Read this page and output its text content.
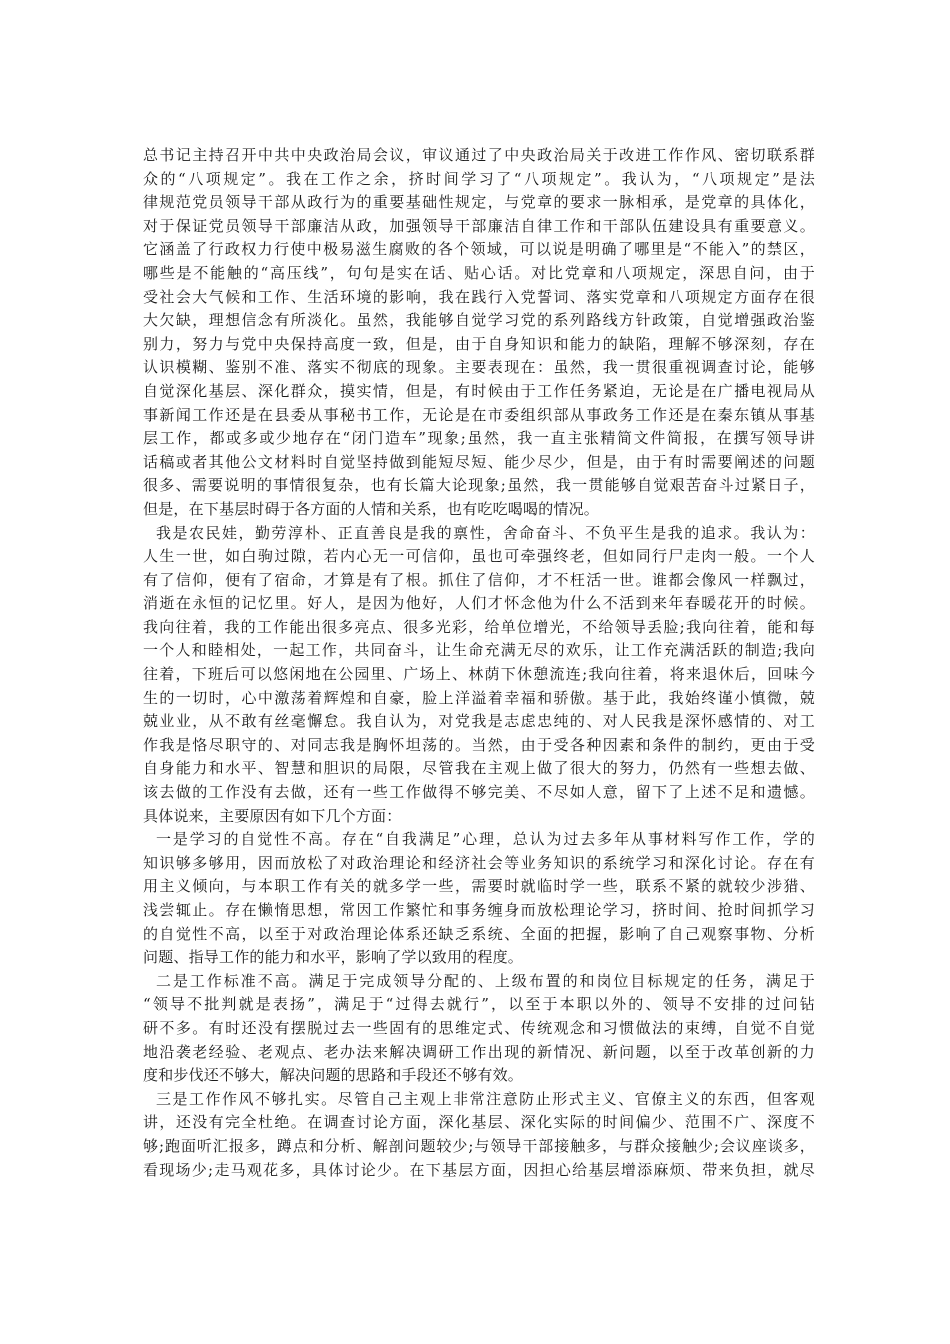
总书记主持召开中共中央政治局会议，审议通过了中央政治局关于改进工作作风、密切联系群
众的“八项规定”。我在工作之余，挤时间学习了“八项规定”。我认为，“八项规定”是法
律规范党员领导干部从政行为的重要基础性规定，与党章的要求一脉相承，是党章的具体化，
对于保证党员领导干部廉洁从政，加强领导干部廉洁自律工作和干部队伍建设具有重要意义。
它涵盖了行政权力行使中极易滋生腐败的各个领域，可以说是明确了哪里是“不能入”的禁区，
哪些是不能触的“高压线”，句句是实在话、贴心话。对比党章和八项规定，深思自问，由于
受社会大气候和工作、生活环境的影响，我在践行入党誓词、落实党章和八项规定方面存在很
大欠缺，理想信念有所淡化。虽然，我能够自觉学习党的系列路线方针政策，自觉增强政治鉴
别力，努力与党中央保持高度一致，但是，由于自身知识和能力的缺陷，理解不够深刻，存在
认识模糊、鉴别不准、落实不彻底的现象。主要表现在：虽然，我一贯很重视调查讨论，能够
自觉深化基层、深化群众，摸实情，但是，有时候由于工作任务紧迫，无论是在广播电视局从
事新闻工作还是在县委从事秘书工作，无论是在市委组织部从事政务工作还是在秦东镇从事基
层工作，都或多或少地存在“闭门造车”现象;虽然，我一直主张精简文件简报，在撰写领导讲
话稿或者其他公文材料时自觉坚持做到能短尽短、能少尽少，但是，由于有时需要阐述的问题
很多、需要说明的事情很复杂，也有长篇大论现象;虽然，我一贯能够自觉艰苦奋斗过紧日子，
但是，在下基层时碍于各方面的人情和关系，也有吃吃喝喝的情况。
我是农民娃，勤劳淳朴、正直善良是我的禀性，舍命奋斗、不负平生是我的追求。我认为：
人生一世，如白驹过隙，若内心无一可信仰，虽也可牵强终老，但如同行尸走肉一般。一个人
有了信仰，便有了宿命，才算是有了根。抓住了信仰，才不枉活一世。谁都会像风一样飘过，
消逝在永恒的记忆里。好人，是因为他好，人们才怀念他为什么不活到来年春暖花开的时候。
我向往着，我的工作能出很多亮点、很多光彩，给单位增光，不给领导丢脸;我向往着，能和每
一个人和睦相处，一起工作，共同奋斗，让生命充满无尽的欢乐，让工作充满活跃的制造;我向
往着，下班后可以悠闲地在公园里、广场上、林荫下休憩流连;我向往着，将来退休后，回味今
生的一切时，心中激荡着辉煌和自豪，脸上洋溢着幸福和骄傲。基于此，我始终谨小慎微，兢
兢业业，从不敢有丝毫懈怠。我自认为，对党我是志虑忠纯的、对人民我是深怀感情的、对工
作我是恪尽职守的、对同志我是胸怀坦荡的。当然，由于受各种因素和条件的制约，更由于受
自身能力和水平、智慧和胆识的局限，尽管我在主观上做了很大的努力，仍然有一些想去做、
该去做的工作没有去做，还有一些工作做得不够完美、不尽如人意，留下了上述不足和遗憾。
具体说来，主要原因有如下几个方面：
一是学习的自觉性不高。存在“自我满足”心理，总认为过去多年从事材料写作工作，学的
知识够多够用，因而放松了对政治理论和经济社会等业务知识的系统学习和深化讨论。存在有
用主义倾向，与本职工作有关的就多学一些，需要时就临时学一些，联系不紧的就较少涉猎、
浅尝辄止。存在懒惰思想，常因工作繁忙和事务缠身而放松理论学习，挤时间、抢时间抓学习
的自觉性不高，以至于对政治理论体系还缺乏系统、全面的把握，影响了自己观察事物、分析
问题、指导工作的能力和水平，影响了学以致用的程度。
二是工作标准不高。满足于完成领导分配的、上级布置的和岗位目标规定的任务，满足于
“领导不批判就是表扬”，满足于“过得去就行”，以至于本职以外的、领导不安排的过问钻
研不多。有时还没有摆脱过去一些固有的思维定式、传统观念和习惯做法的束缚，自觉不自觉
地沿袭老经验、老观点、老办法来解决调研工作出现的新情况、新问题，以至于改革创新的力
度和步伐还不够大，解决问题的思路和手段还不够有效。
三是工作作风不够扎实。尽管自己主观上非常注意防止形式主义、官僚主义的东西，但客观
讲，还没有完全杜绝。在调查讨论方面，深化基层、深化实际的时间偏少、范围不广、深度不
够;跑面听汇报多，蹲点和分析、解剖问题较少;与领导干部接触多，与群众接触少;会议座谈多，
看现场少;走马观花多，具体讨论少。在下基层方面，因担心给基层增添麻烦、带来负担，就尽
